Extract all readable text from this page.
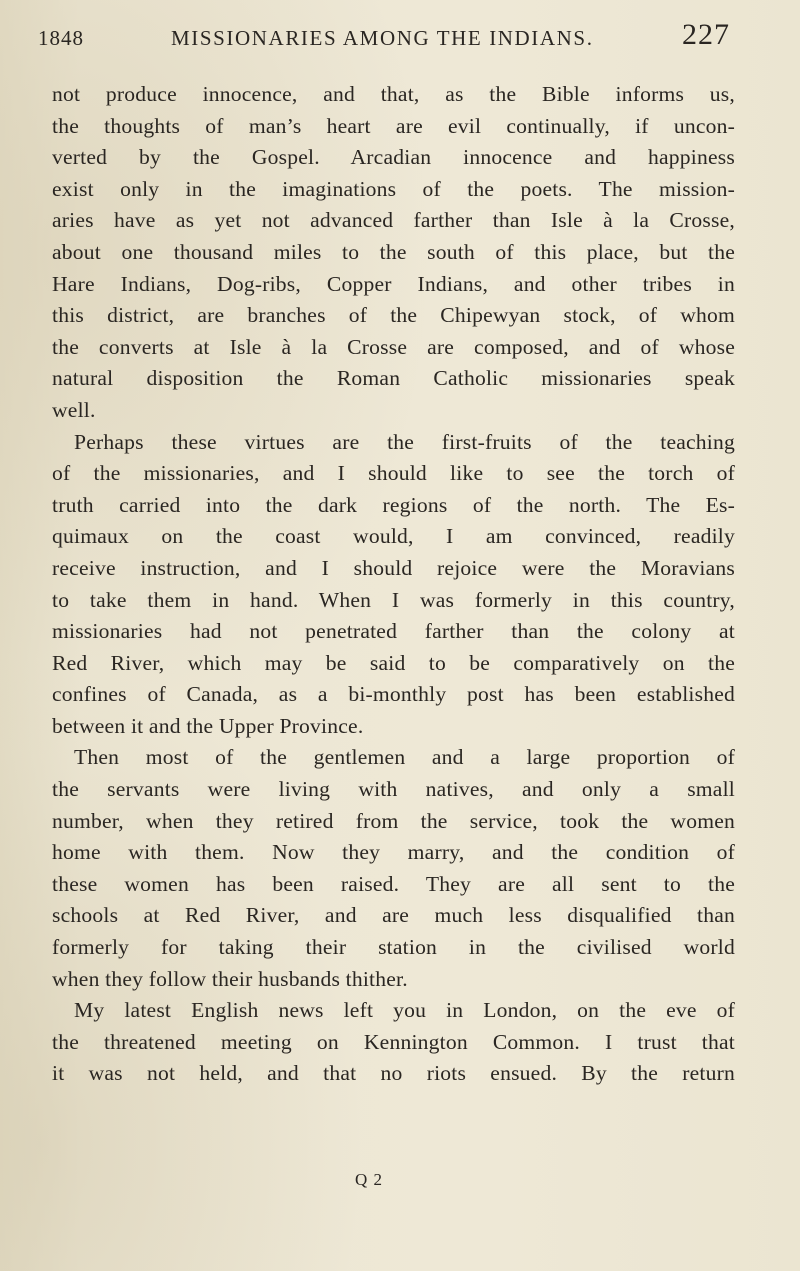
1848	MISSIONARIES AMONG THE INDIANS.	227
not produce innocence, and that, as the Bible informs us,
the thoughts of man’s heart are evil continually, if uncon-
verted by the Gospel. Arcadian innocence and happiness
exist only in the imaginations of the poets. The mission-
aries have as yet not advanced farther than Isle à la Crosse,
about one thousand miles to the south of this place, but the
Hare Indians, Dog-ribs, Copper Indians, and other tribes in
this district, are branches of the Chipewyan stock, of whom
the converts at Isle à la Crosse are composed, and of whose
natural disposition the Roman Catholic missionaries speak
well.
Perhaps these virtues are the first-fruits of the teaching
of the missionaries, and I should like to see the torch of
truth carried into the dark regions of the north. The Es-
quimaux on the coast would, I am convinced, readily
receive instruction, and I should rejoice were the Moravians
to take them in hand. When I was formerly in this country,
missionaries had not penetrated farther than the colony at
Red River, which may be said to be comparatively on the
confines of Canada, as a bi-monthly post has been established
between it and the Upper Province.
Then most of the gentlemen and a large proportion of
the servants were living with natives, and only a small
number, when they retired from the service, took the women
home with them. Now they marry, and the condition of
these women has been raised. They are all sent to the
schools at Red River, and are much less disqualified than
formerly for taking their station in the civilised world
when they follow their husbands thither.
My latest English news left you in London, on the eve of
the threatened meeting on Kennington Common. I trust that
it was not held, and that no riots ensued. By the return
Q 2
